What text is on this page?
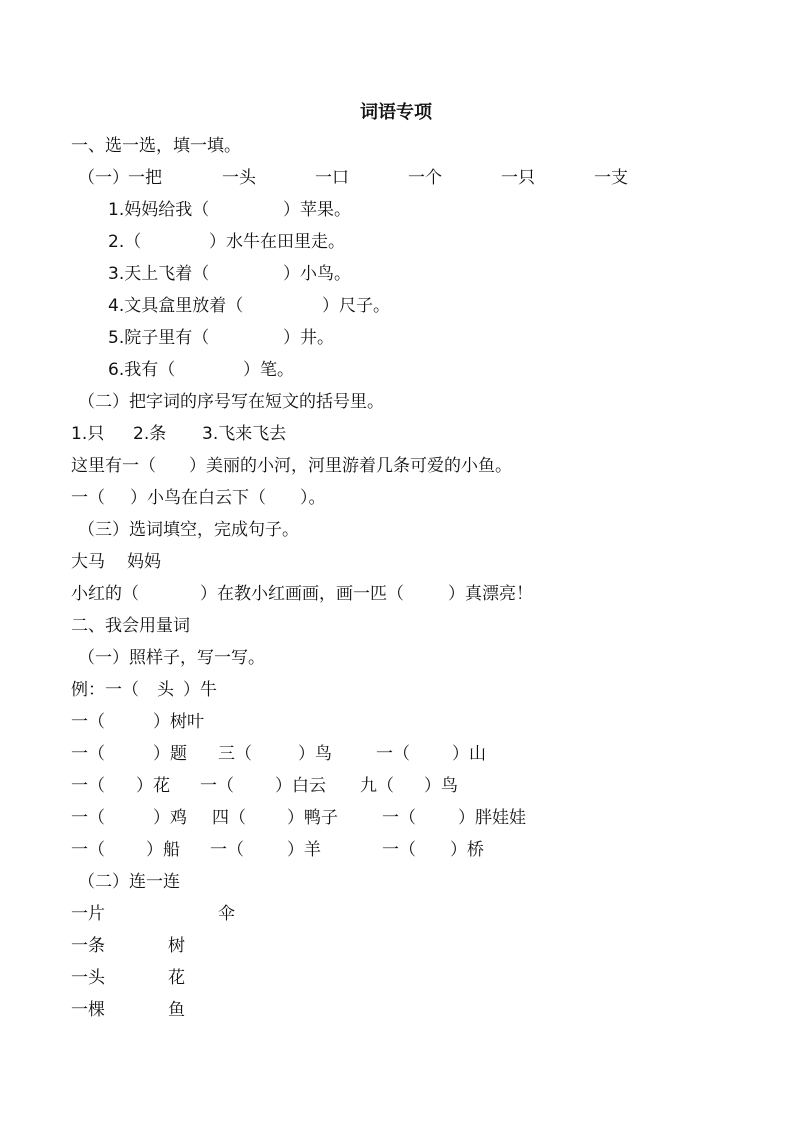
词语专项
一、选一选，填一填。
（一） 一把	一头	一口	一个	一只	一支
1.妈妈给我（	）苹果。
2.（	）水牛在田里走。
3.天上飞着（	）小鸟。
4.文具盒里放着（	）尺子。
5.院子里有（	）井。
6.我有（	）笔。
（二）把字词的序号写在短文的括号里。
1.只 2.条 3.飞来飞去
这里有一（ ）美丽的小河，河里游着几条可爱的小鱼。
一（ ）小鸟在白云下（ ）。
（三）选词填空，完成句子。
大马 妈妈
小红的（	）在教小红画画，画一匹（	）真漂亮！
二、我会用量词
（一）照样子，写一写。
例：一（ 头 ）牛
一（	）树叶
一（	）题 三（	）鸟	一（ ）山
一（ ）花 一（ ）白云 九（ ）鸟
一（	）鸡 四（ ）鸭子	一（ ）胖娃娃
一（ ）船 一（	）羊	一（ ）桥
（二）连一连
一片	伞
一条	树
一头	花
一棵	鱼
